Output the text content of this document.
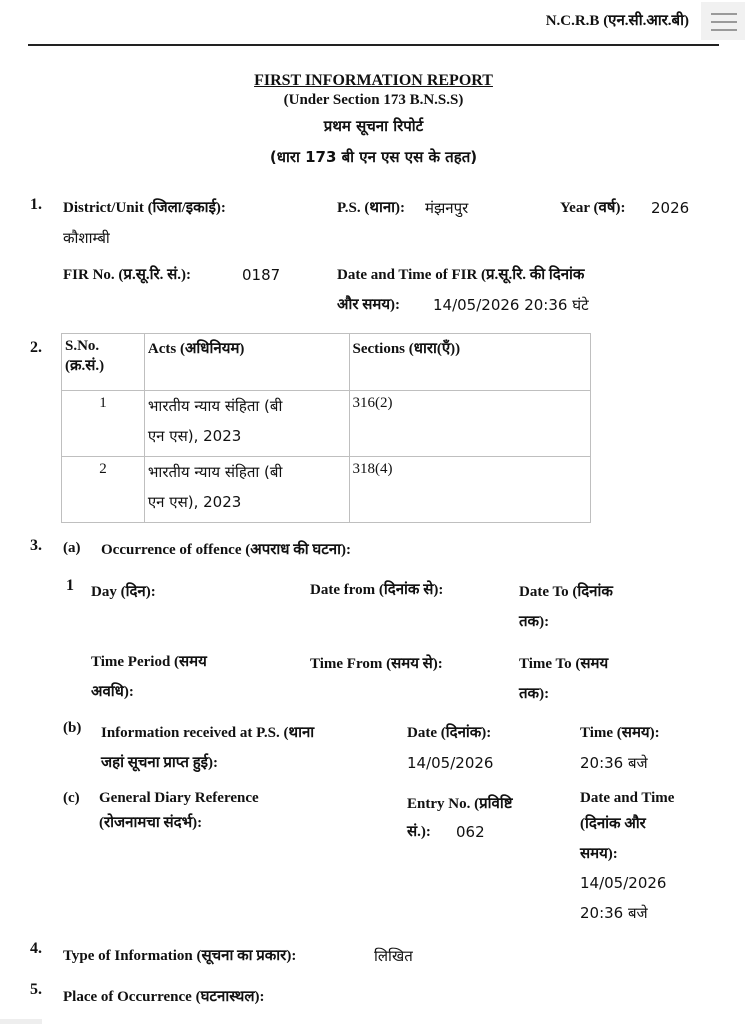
N.C.R.B (एन.सी.आर.बी)
FIRST INFORMATION REPORT
(Under Section 173 B.N.S.S)
प्रथम सूचना रिपोर्ट
(धारा 173 बी एन एस एस के तहत)
1. District/Unit (जिला/इकाई):
कौशाम्बी
P.S. (थाना): मंझनपुर	Year (वर्ष): 2026
FIR No. (प्र.सू.रि. सं.):	0187	Date and Time of FIR (प्र.सू.रि. की दिनांक
और समय): 14/05/2026 20:36 घंटे
2. S.No.
(क्र.सं.)	Acts (अधिनियम)	Sections (धारा(एँ))
1	भारतीय न्याय संहिता (बी
एन एस), 2023	316(2)
2	भारतीय न्याय संहिता (बी
एन एस), 2023	318(4)
3. (a) Occurrence of offence (अपराध की घटना):
1 Day (दिन):	Date from (दिनांक से):	Date To (दिनांक
तक):
Time Period (समय
अवधि):
Time From (समय से):	Time To (समय
तक):
(b) Information received at P.S. (थाना
जहां सूचना प्राप्त हुई):
Date (दिनांक):
14/05/2026
Time (समय):
20:36 बजे
(c) General Diary Reference
(रोजनामचा संदर्भ):
Entry No. (प्रविष्टि
सं.): 062
Date and Time
(दिनांक और
समय):
14/05/2026
20:36 बजे
4. Type of Information (सूचना का प्रकार):	लिखित
5. Place of Occurrence (घटनास्थल):
